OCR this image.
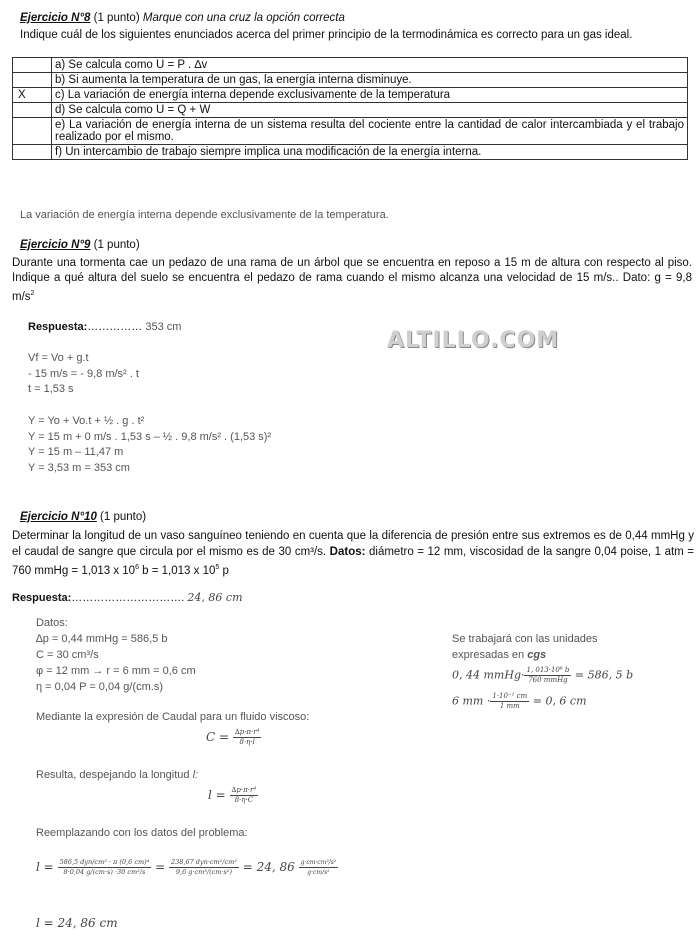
Ejercicio N°8 (1 punto) Marque con una cruz la opción correcta
Indique cuál de los siguientes enunciados acerca del primer principio de la termodinámica es correcto para un gas ideal.
	a) Se calcula como U = P . ∆v
	b) Si aumenta la temperatura de un gas, la energía interna disminuye.
X	c) La variación de energía interna depende exclusivamente de la temperatura
	d) Se calcula como U = Q + W
	e) La variación de energía interna de un sistema resulta del cociente entre la cantidad de calor intercambiada y el trabajo realizado por el mismo.
	f) Un intercambio de trabajo siempre implica una modificación de la energía interna.
La variación de energía interna depende exclusivamente de la temperatura.
Ejercicio N°9 (1 punto)
Durante una tormenta cae un pedazo de una rama de un árbol que se encuentra en reposo a 15 m de altura con respecto al piso. Indique a qué altura del suelo se encuentra el pedazo de rama cuando el mismo alcanza una velocidad de 15 m/s.. Dato: g = 9,8 $m/s^2$
Respuesta:…………… 353 cm
Vf = Vo + g.t
- 15 m/s = - 9,8 m/s² . t
t = 1,53 s
Y = Yo + Vo.t + ½ . g . t²
Y = 15 m + 0 m/s . 1,53 s – ½ . 9,8 m/s² . (1,53 s)²
Y = 15 m – 11,47 m
Y = 3,53 m = 353 cm
ALTILLO.COM
Ejercicio N°10 (1 punto)
Determinar la longitud de un vaso sanguíneo teniendo en cuenta que la diferencia de presión entre sus extremos es de 0,44 mmHg y el caudal de sangre que circula por el mismo es de 30 cm³/s. Datos: diámetro = 12 mm, viscosidad de la sangre 0,04 poise, 1 atm = 760 mmHg = 1,013 x $10^6$ b = 1,013 x $10^5$ p
Respuesta:…………………………. 24, 86 cm
Datos:
∆p = 0,44 mmHg = 586,5 b
C = 30 cm³/s
φ = 12 mm → r = 6 mm = 0,6 cm
η = 0,04 P = 0,04 g/(cm.s)
Se trabajará con las unidades
expresadas en cgs
0, 44 mmHg· $\frac{\text{1, 013·10⁶ b}}{\text{760 mmHg}} = 586$, 5 b
6 mm · $\frac{\text{1·10⁻¹ cm}}{1 mm} = 0$, 6 cm
Mediante la expresión de Caudal para un fluido viscoso:
$C = \frac{\text{∆p·π·r⁴}}{8\cdot\eta\cdot l}$
Resulta, despejando la longitud l:
$l = \frac{\text{∆p·π·r⁴}}{8\cdot\eta\cdot C}$
Reemplazando con los datos del problema:
$l = \frac{\text{586,5 dyn/cm² · π (0,6 cm)⁴}}{\text{8·0,04 g/(cm·s) ·30 cm³/s}} = \frac{\text{238,67 dyn·cm²/cm²}}{\text{9,6 g·cm³/(cm·s²)}} = 24$, $86 \frac{\text{g·cm·cm²/s²}}{\text{g·cm/s²}}$
l = 24, 86 cm
